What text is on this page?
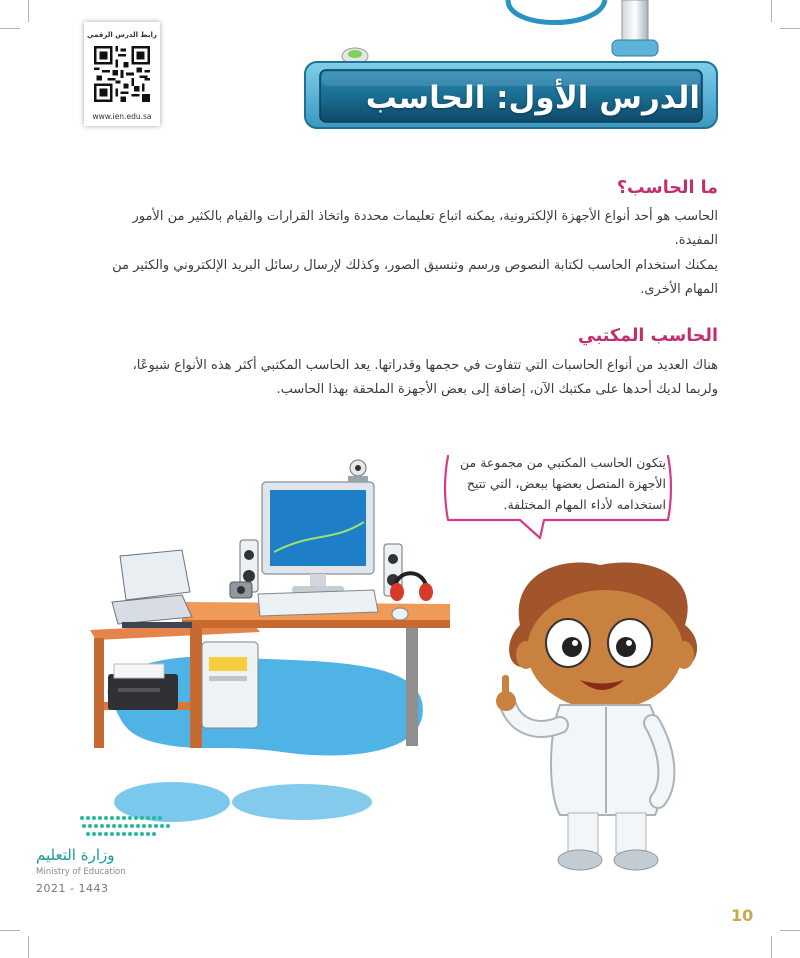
رابط الدرس الرقمي
www.ien.edu.sa
الدرس الأول: الحاسب
ما الحاسب؟
الحاسب هو أحد أنواع الأجهزة الإلكترونية، يمكنه اتباع تعليمات محددة واتخاذ القرارات والقيام بالكثير من الأمور المفيدة.
يمكنك استخدام الحاسب لكتابة النصوص ورسم وتنسيق الصور، وكذلك لإرسال رسائل البريد الإلكتروني والكثير من المهام الأخرى.
الحاسب المكتبي
هناك العديد من أنواع الحاسبات التي تتفاوت في حجمها وقدراتها. يعد الحاسب المكتبي أكثر هذه الأنواع شيوعًا، ولربما لديك أحدها على مكتبك الآن، إضافة إلى بعض الأجهزة الملحقة بهذا الحاسب.
يتكون الحاسب المكتبي من مجموعة من الأجهزة المتصل بعضها ببعض، التي تتيح استخدامه لأداء المهام المختلفة.
وزارة التعليم
Ministry of Education
2021 - 1443
10
